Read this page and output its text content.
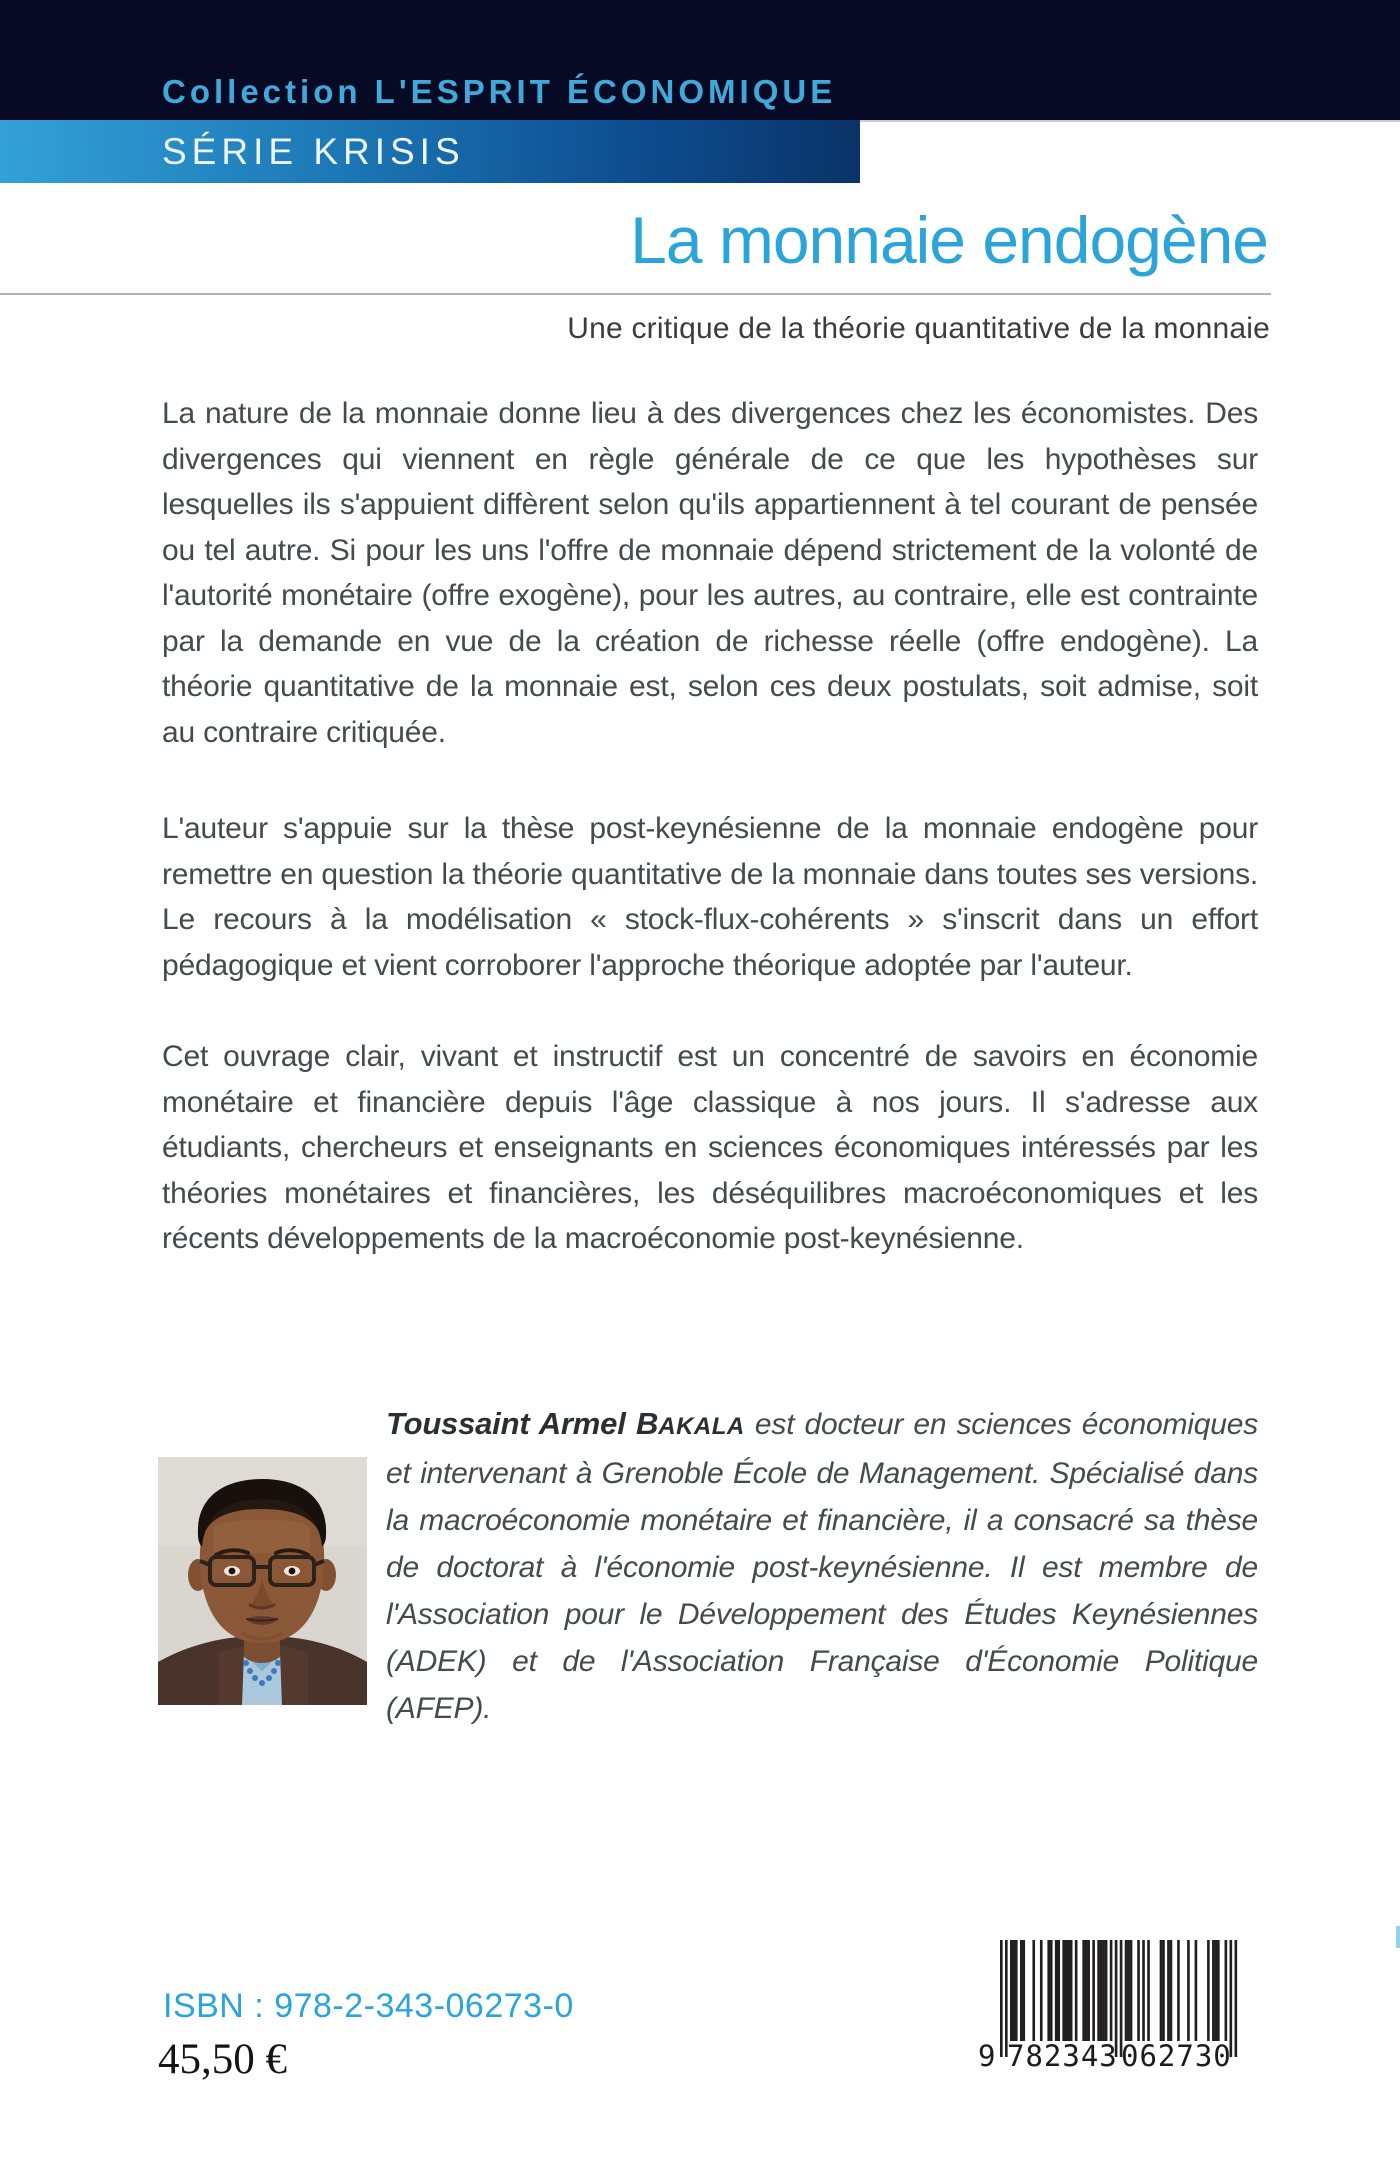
Collection L'ESPRIT ÉCONOMIQUE
SÉRIE KRISIS
La monnaie endogène
Une critique de la théorie quantitative de la monnaie

La nature de la monnaie donne lieu à des divergences chez les économistes. Des divergences qui viennent en règle générale de ce que les hypothèses sur lesquelles ils s'appuient diffèrent selon qu'ils appartiennent à tel courant de pensée ou tel autre. Si pour les uns l'offre de monnaie dépend strictement de la volonté de l'autorité monétaire (offre exogène), pour les autres, au contraire, elle est contrainte par la demande en vue de la création de richesse réelle (offre endogène). La théorie quantitative de la monnaie est, selon ces deux postulats, soit admise, soit au contraire critiquée.

L'auteur s'appuie sur la thèse post-keynésienne de la monnaie endogène pour remettre en question la théorie quantitative de la monnaie dans toutes ses versions. Le recours à la modélisation « stock-flux-cohérents » s'inscrit dans un effort pédagogique et vient corroborer l'approche théorique adoptée par l'auteur.

Cet ouvrage clair, vivant et instructif est un concentré de savoirs en économie monétaire et financière depuis l'âge classique à nos jours. Il s'adresse aux étudiants, chercheurs et enseignants en sciences économiques intéressés par les théories monétaires et financières, les déséquilibres macroéconomiques et les récents développements de la macroéconomie post-keynésienne.

Toussaint Armel BAKALA est docteur en sciences économiques et intervenant à Grenoble École de Management. Spécialisé dans la macroéconomie monétaire et financière, il a consacré sa thèse de doctorat à l'économie post-keynésienne. Il est membre de l'Association pour le Développement des Études Keynésiennes (ADEK) et de l'Association Française d'Économie Politique (AFEP).

ISBN : 978-2-343-06273-0
45,50 €	9 782343 062730
